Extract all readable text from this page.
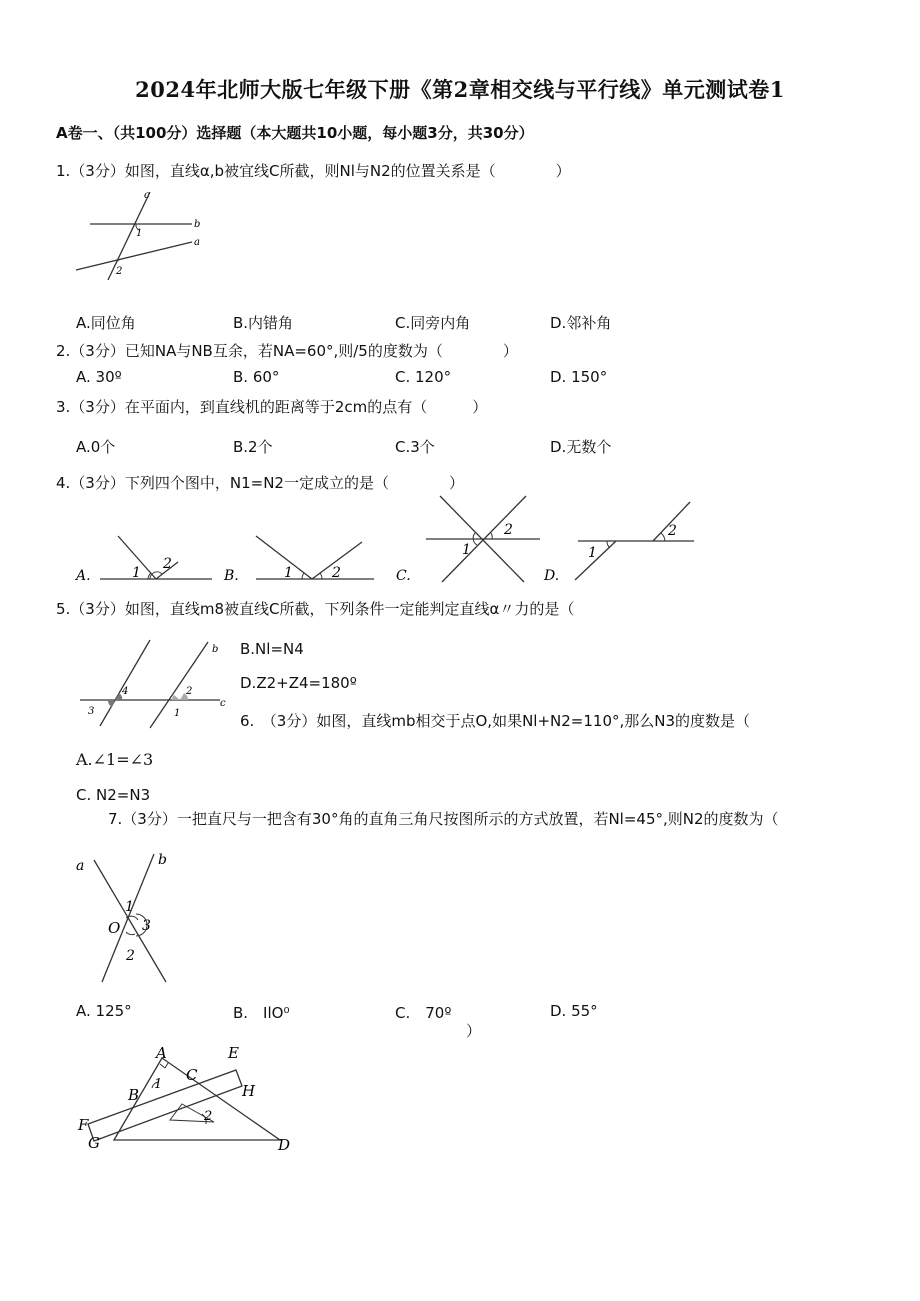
2024年北师大版七年级下册《第2章相交线与平行线》单元测试卷1
A卷一、（共100分）选择题（本大题共10小题，每小题3分，共30分）
1.（3分）如图，直线α,b被宜线C所截，则Nl与N2的位置关系是（　　　　）
c
b
a
1
2
A.同位角	B.内错角	C.同旁内角	D.邻补角
2.（3分）已知NA与NB互余，若NA=60°,则/5的度数为（　　　　）
A. 30º	B. 60°	C. 120°	D. 150°
3.（3分）在平面内，到直线机的距离等于2cm的点有（　　　）
A.0个	B.2个	C.3个	D.无数个
4.（3分）下列四个图中，N1=N2一定成立的是（　　　　）
A.	1
2
B.	1	2	C.
1
2
D.
1
2
5.（3分）如图，直线m8被直线C所截，下列条件一定能判定直线α〃力的是（
b
c
3
4	2
1
B.Nl=N4
D.Z2+Z4=180º
6.　（3分）如图，直线mb相交于点O,如果Nl+N2=110°,那么N3的度数是（
A.∠1=∠3
C. N2=N3
7.（3分）一把直尺与一把含有30°角的直角三角尺按图所示的方式放置，若Nl=45°,则N2的度数为（
a	b
O
1
3
2
A. 125°	B.　IlO⁰	C.　70º	D. 55°
）
A	E
B
C
H
F
G	D
1
2
